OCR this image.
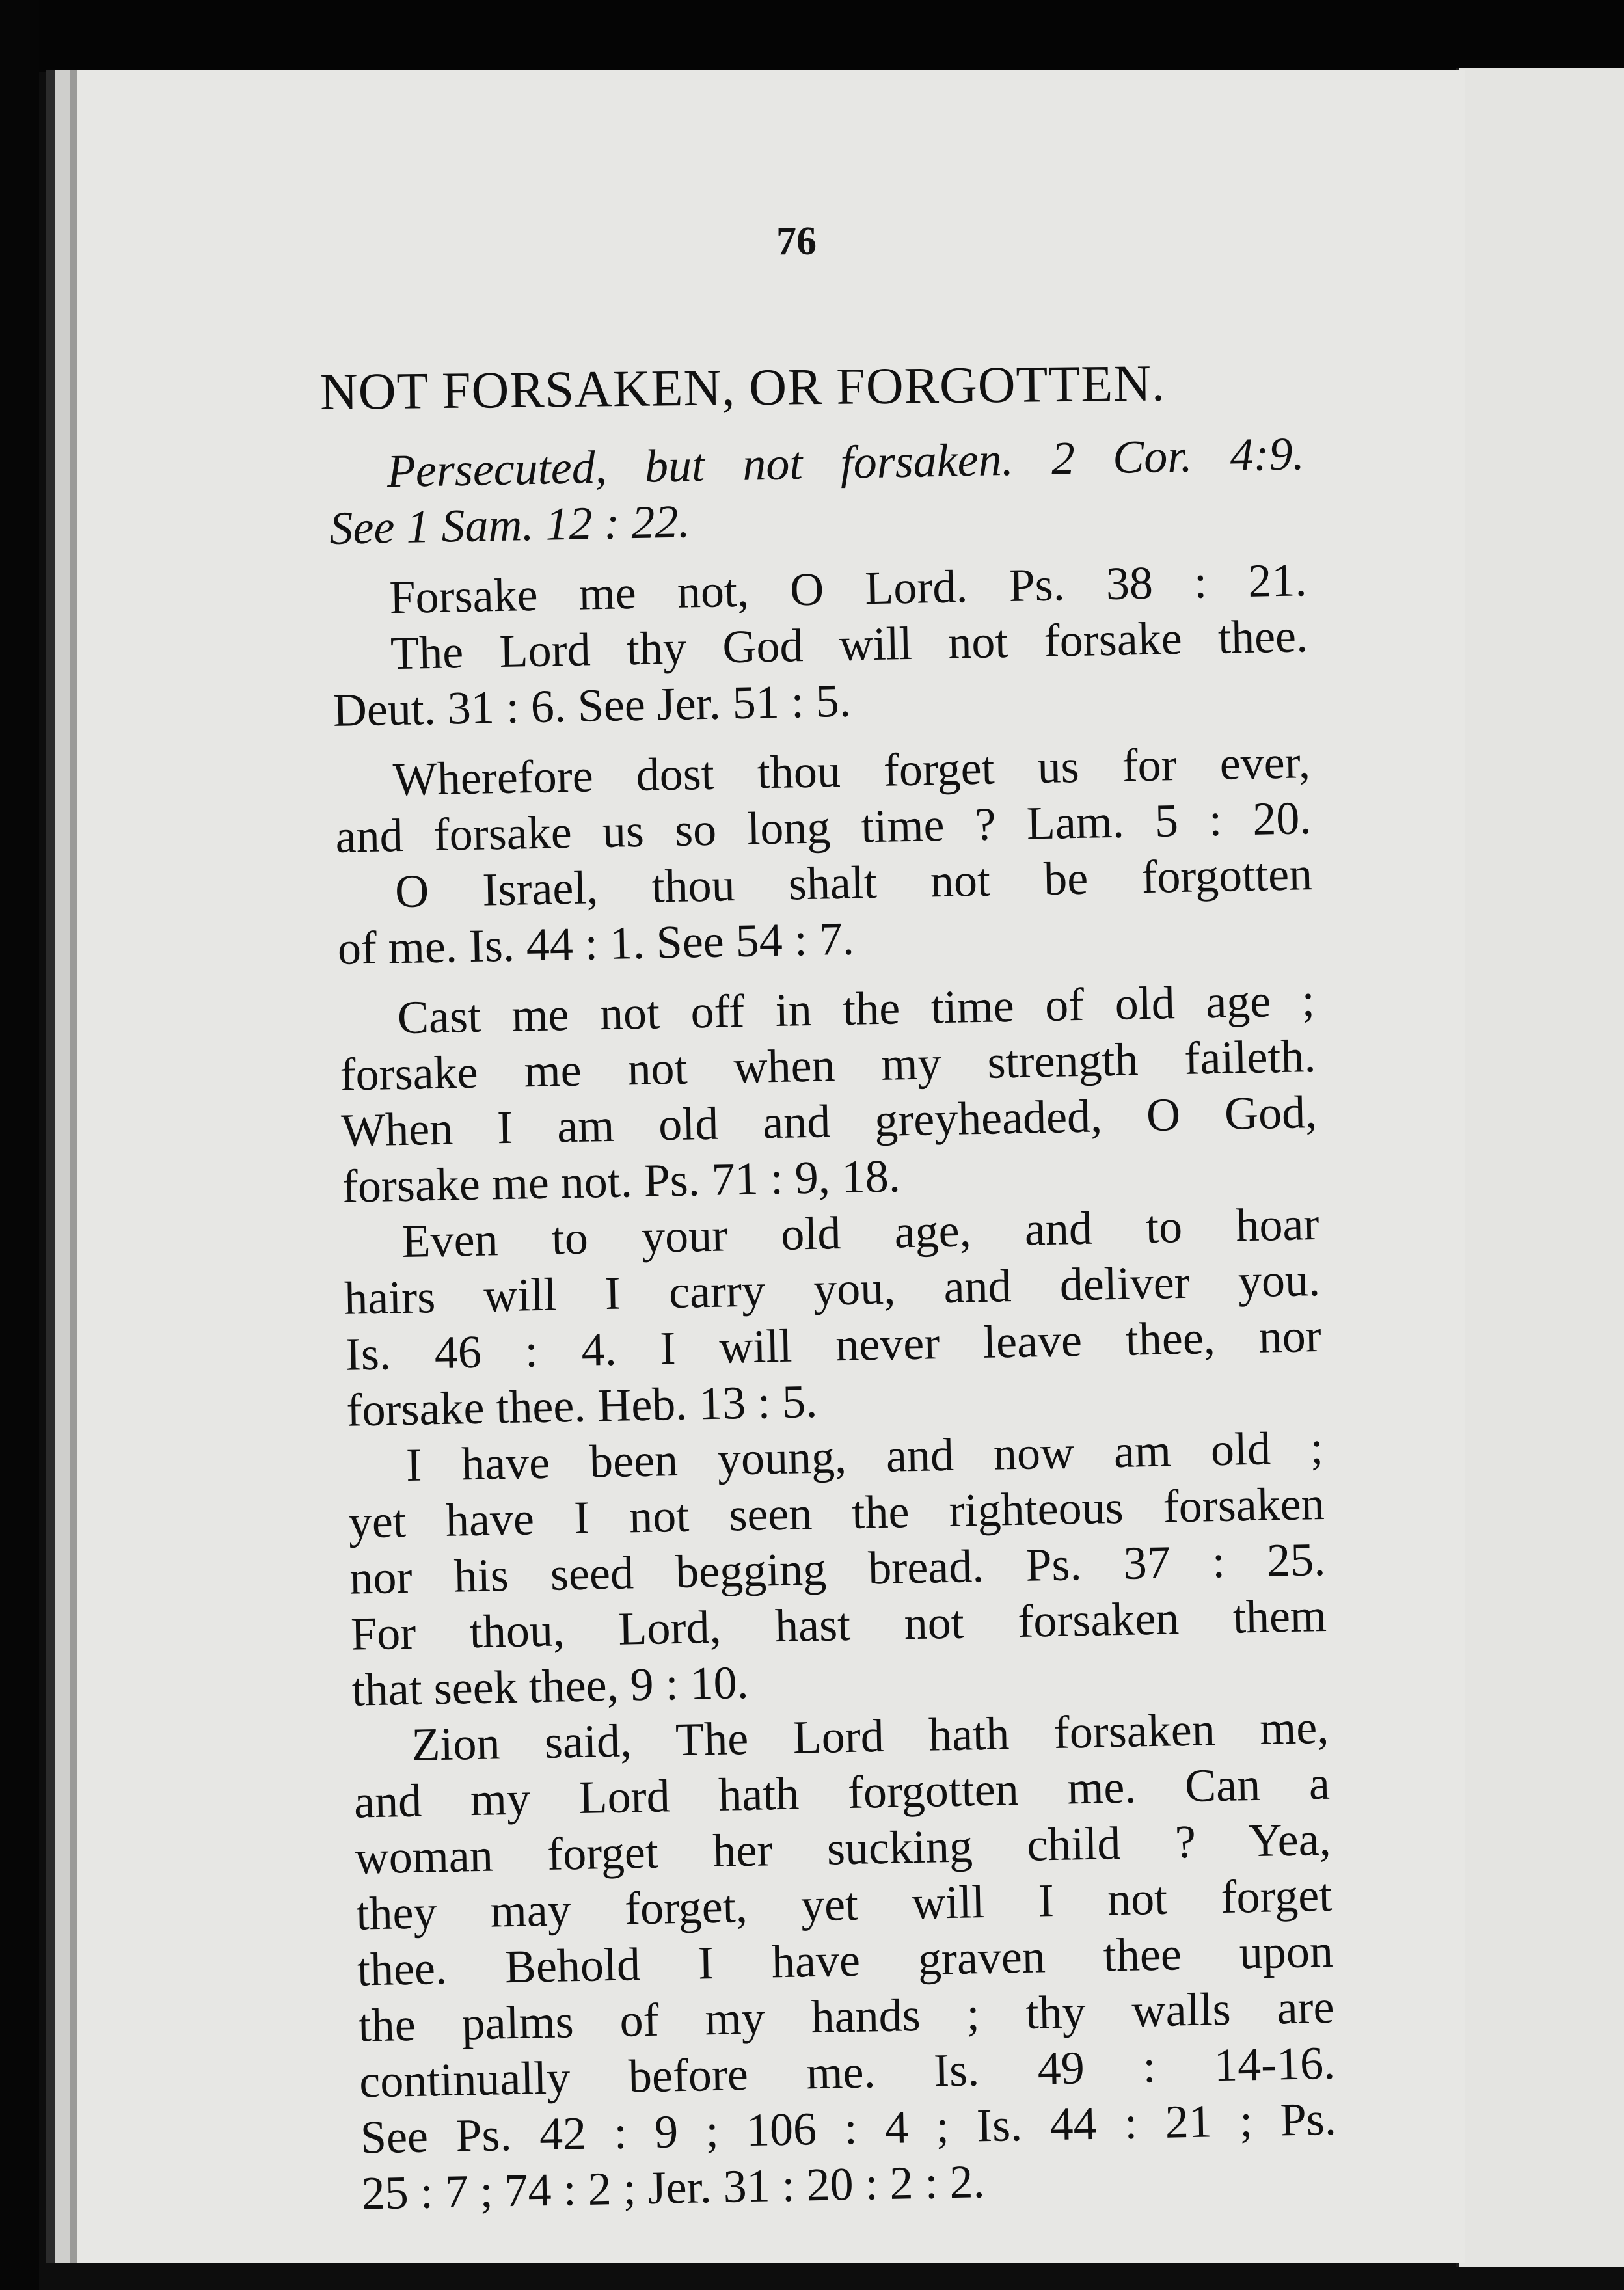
76
NOT FORSAKEN, OR FORGOTTEN.
Persecuted, but not forsaken. 2 Cor. 4:9.
See 1 Sam. 12 : 22.
Forsake me not, O Lord. Ps. 38 : 21.
The Lord thy God will not forsake thee.
Deut. 31 : 6. See Jer. 51 : 5.
Wherefore dost thou forget us for ever,
and forsake us so long time ? Lam. 5 : 20.
O Israel, thou shalt not be forgotten
of me. Is. 44 : 1. See 54 : 7.
Cast me not off in the time of old age ;
forsake me not when my strength faileth.
When I am old and greyheaded, O God,
forsake me not. Ps. 71 : 9, 18.
Even to your old age, and to hoar
hairs will I carry you, and deliver you.
Is. 46 : 4. I will never leave thee, nor
forsake thee. Heb. 13 : 5.
I have been young, and now am old ;
yet have I not seen the righteous forsaken
nor his seed begging bread. Ps. 37 : 25.
For thou, Lord, hast not forsaken them
that seek thee, 9 : 10.
Zion said, The Lord hath forsaken me,
and my Lord hath forgotten me. Can a
woman forget her sucking child ? Yea,
they may forget, yet will I not forget
thee. Behold I have graven thee upon
the palms of my hands ; thy walls are
continually before me. Is. 49 : 14-16.
See Ps. 42 : 9 ; 106 : 4 ; Is. 44 : 21 ; Ps.
25 : 7 ; 74 : 2 ; Jer. 31 : 20 : 2 : 2.
